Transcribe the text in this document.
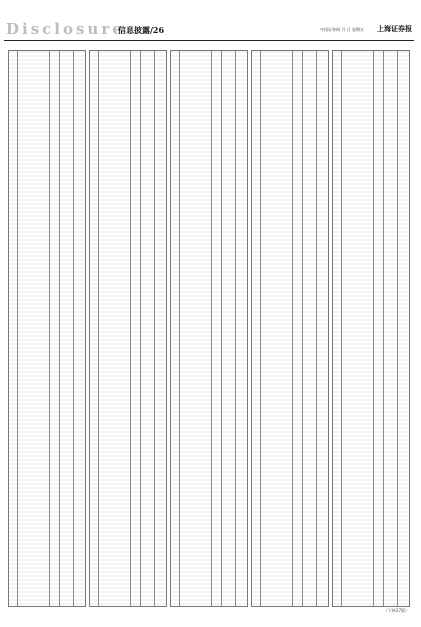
Disclosure
信息披露/26	中国证券网 月 日 星期五 上海证券报
（下转27版）
